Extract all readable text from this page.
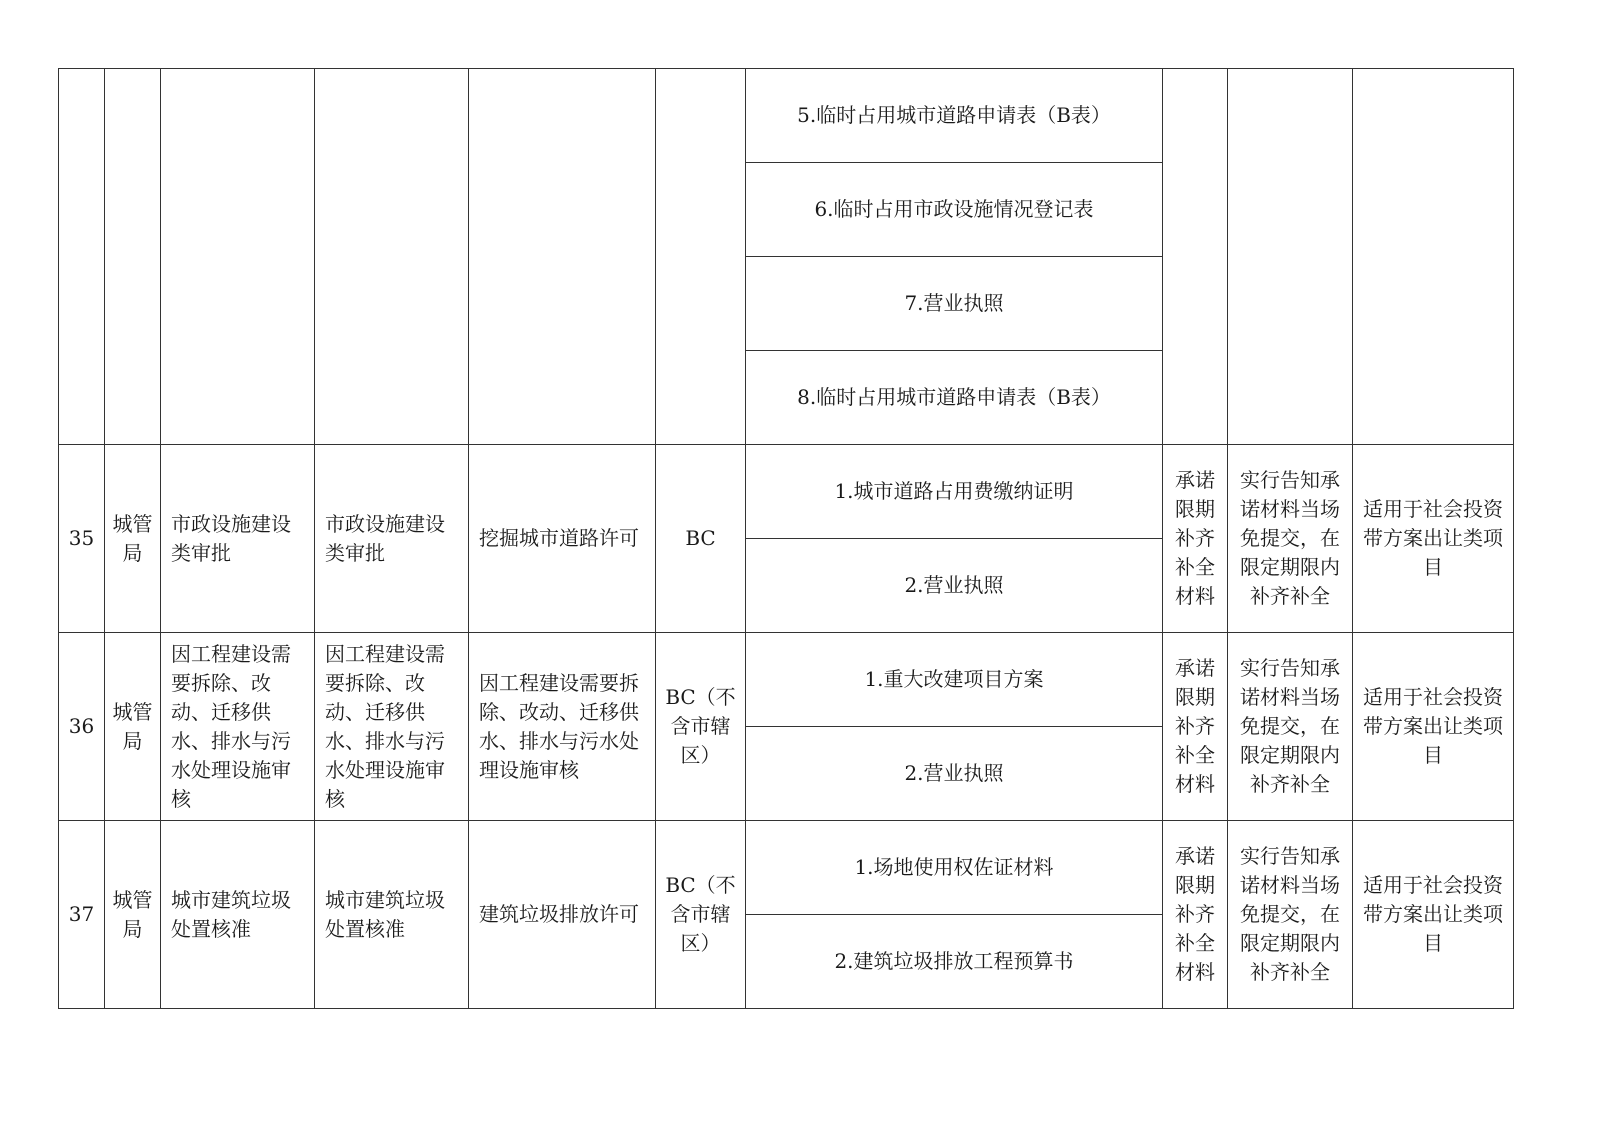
						5.临时占用城市道路申请表（B表）			
						6.临时占用市政设施情况登记表			
						7.营业执照			
						8.临时占用城市道路申请表（B表）			
35	城管局	市政设施建设类审批	市政设施建设类审批	挖掘城市道路许可	BC	1.城市道路占用费缴纳证明	承诺限期补齐补全材料	实行告知承诺材料当场免提交，在限定期限内补齐补全	适用于社会投资带方案出让类项目
						2.营业执照			
36	城管局	因工程建设需要拆除、改动、迁移供水、排水与污水处理设施审核	因工程建设需要拆除、改动、迁移供水、排水与污水处理设施审核	因工程建设需要拆除、改动、迁移供水、排水与污水处理设施审核	BC（不含市辖区）	1.重大改建项目方案	承诺限期补齐补全材料	实行告知承诺材料当场免提交，在限定期限内补齐补全	适用于社会投资带方案出让类项目
						2.营业执照			
37	城管局	城市建筑垃圾处置核准	城市建筑垃圾处置核准	建筑垃圾排放许可	BC（不含市辖区）	1.场地使用权佐证材料	承诺限期补齐补全材料	实行告知承诺材料当场免提交，在限定期限内补齐补全	适用于社会投资带方案出让类项目
						2.建筑垃圾排放工程预算书			
